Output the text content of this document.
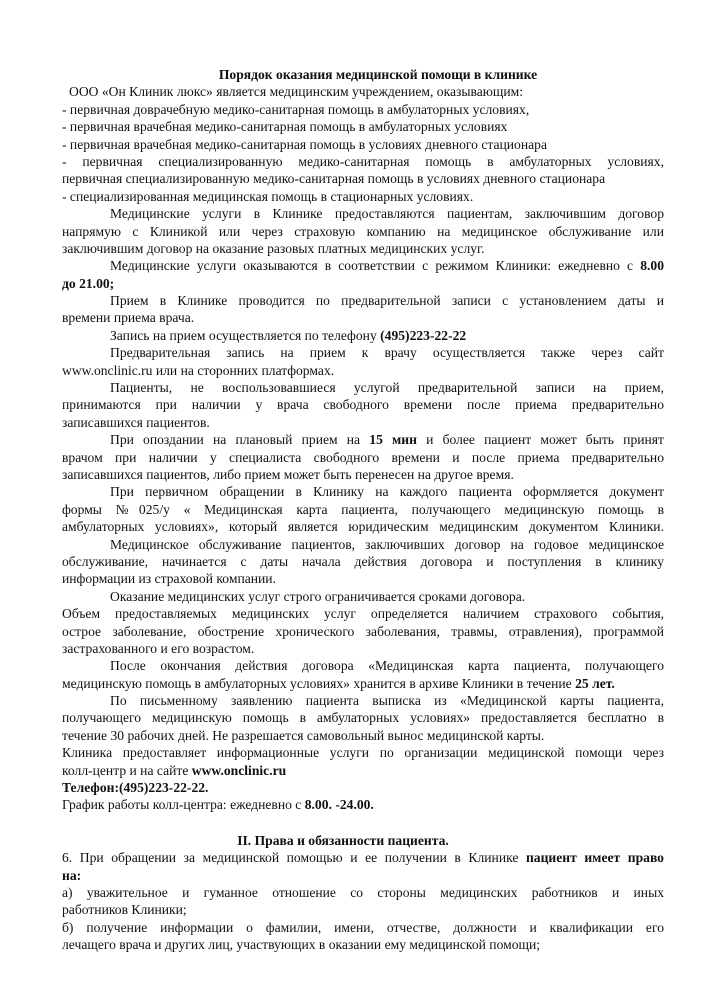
Порядок оказания медицинской помощи в клинике
ООО «Он Клиник люкс» является медицинским учреждением, оказывающим:
- первичная доврачебную медико-санитарная помощь в амбулаторных условиях,
- первичная врачебная медико-санитарная помощь в амбулаторных условиях
- первичная врачебная медико-санитарная помощь в условиях дневного стационара
- первичная специализированную медико-санитарная помощь в амбулаторных условиях,
первичная специализированную медико-санитарная помощь в условиях дневного стационара
- специализированная медицинская помощь в стационарных условиях.
Медицинские услуги в Клинике предоставляются пациентам, заключившим договор
напрямую с Клиникой или через страховую компанию на медицинское обслуживание или
заключившим договор на оказание разовых платных медицинских услуг.
Медицинские услуги оказываются в соответствии с режимом Клиники: ежедневно с 8.00
до 21.00;
Прием в Клинике проводится по предварительной записи с установлением даты и
времени приема врача.
Запись на прием осуществляется по телефону (495)223-22-22
Предварительная запись на прием к врачу осуществляется также через сайт
www.onclinic.ru или на сторонних платформах.
Пациенты, не воспользовавшиеся услугой предварительной записи на прием,
принимаются при наличии у врача свободного времени после приема предварительно
записавшихся пациентов.
При опоздании на плановый прием на 15 мин и более пациент может быть принят
врачом при наличии у специалиста свободного времени и после приема предварительно
записавшихся пациентов, либо прием может быть перенесен на другое время.
При первичном обращении в Клинику на каждого пациента оформляется документ
формы №025/у « Медицинская карта пациента, получающего медицинскую помощь в
амбулаторных условиях», который является юридическим медицинским документом Клиники.
Медицинское обслуживание пациентов, заключивших договор на годовое медицинское
обслуживание, начинается с даты начала действия договора и поступления в клинику
информации из страховой компании.
Оказание медицинских услуг строго ограничивается сроками договора.
Объем предоставляемых медицинских услуг определяется наличием страхового события,
острое заболевание, обострение хронического заболевания, травмы, отравления), программой
застрахованного и его возрастом.
После окончания действия договора «Медицинская карта пациента, получающего
медицинскую помощь в амбулаторных условиях» хранится в архиве Клиники в течение 25 лет.
По письменному заявлению пациента выписка из «Медицинской карты пациента,
получающего медицинскую помощь в амбулаторных условиях» предоставляется бесплатно в
течение 30 рабочих дней. Не разрешается самовольный вынос медицинской карты.
Клиника предоставляет информационные услуги по организации медицинской помощи через
колл-центр и на сайте www.onclinic.ru
Телефон:(495)223-22-22.
График работы колл-центра: ежедневно с 8.00. -24.00.
II. Права и обязанности пациента.
6. При обращении за медицинской помощью и ее получении в Клинике пациент имеет право
на:
а) уважительное и гуманное отношение со стороны медицинских работников и иных
работников Клиники;
б) получение информации о фамилии, имени, отчестве, должности и квалификации его
лечащего врача и других лиц, участвующих в оказании ему медицинской помощи;
